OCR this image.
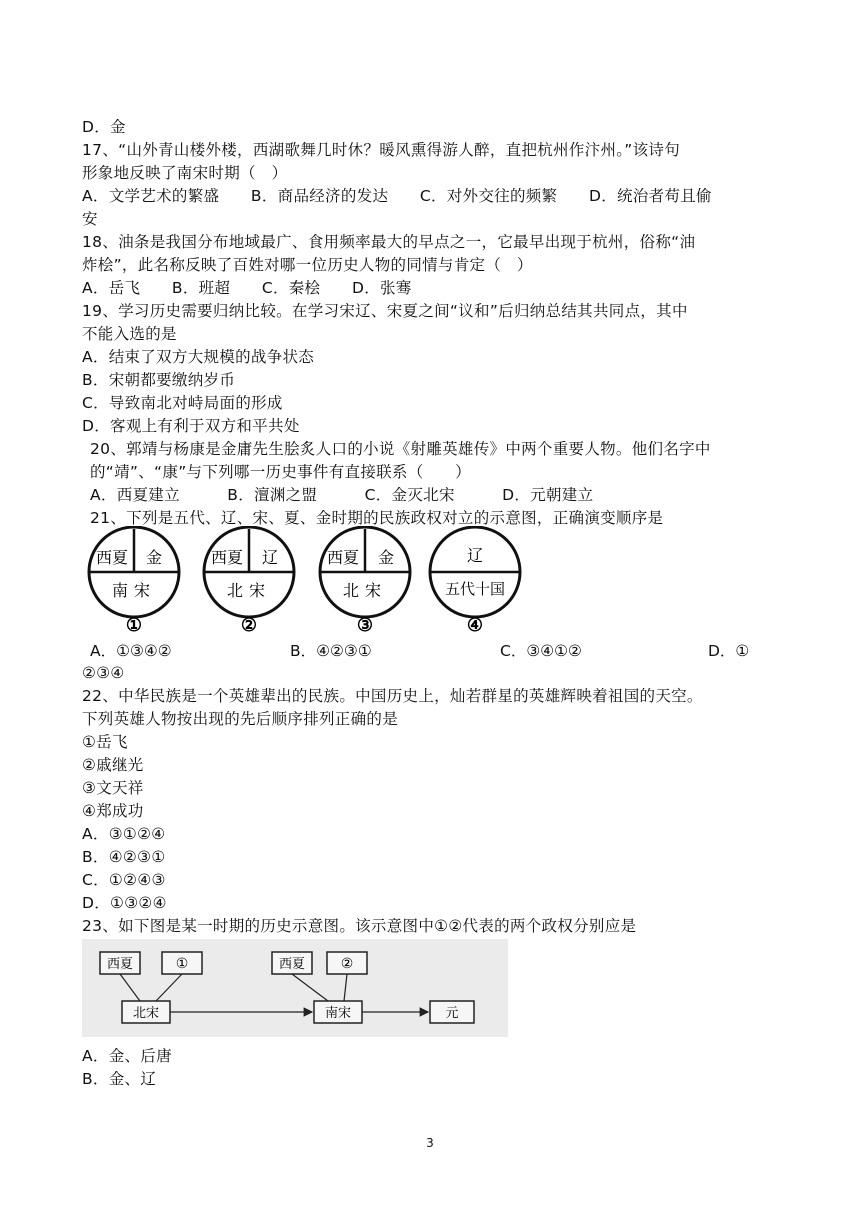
D．金
17、“山外青山楼外楼，西湖歌舞几时休？暖风熏得游人醉，直把杭州作汴州。”该诗句
形象地反映了南宋时期（　）
A．文学艺术的繁盛　　B．商品经济的发达　　C．对外交往的频繁　　D．统治者苟且偷
安
18、油条是我国分布地域最广、食用频率最大的早点之一，它最早出现于杭州，俗称“油
炸桧”，此名称反映了百姓对哪一位历史人物的同情与肯定（　）
A．岳飞　　B．班超　　C．秦桧　　D．张骞
19、学习历史需要归纳比较。在学习宋辽、宋夏之间“议和”后归纳总结其共同点，其中
不能入选的是
A．结束了双方大规模的战争状态
B．宋朝都要缴纳岁币
C．导致南北对峙局面的形成
D．客观上有利于双方和平共处
20、郭靖与杨康是金庸先生脍炙人口的小说《射雕英雄传》中两个重要人物。他们名字中
的“靖”、“康”与下列哪一历史事件有直接联系（　　）
A．西夏建立　　　B．澶渊之盟　　　C．金灭北宋　　　D．元朝建立
21、下列是五代、辽、宋、夏、金时期的民族政权对立的示意图，正确演变顺序是
西夏 金
南宋
①
西夏 辽
北宋
②
西夏 金
北宋
③
辽
五代十国
④
A．①③④②	B．④②③①	C．③④①②	D．①
②③④
22、中华民族是一个英雄辈出的民族。中国历史上，灿若群星的英雄辉映着祖国的天空。
下列英雄人物按出现的先后顺序排列正确的是
①岳飞
②戚继光
③文天祥
④郑成功
A．③①②④
B．④②③①
C．①②④③
D．①③②④
23、如下图是某一时期的历史示意图。该示意图中①②代表的两个政权分别应是
西夏	①
北宋
西夏	②
南宋	元
A．金、后唐
B．金、辽
3
